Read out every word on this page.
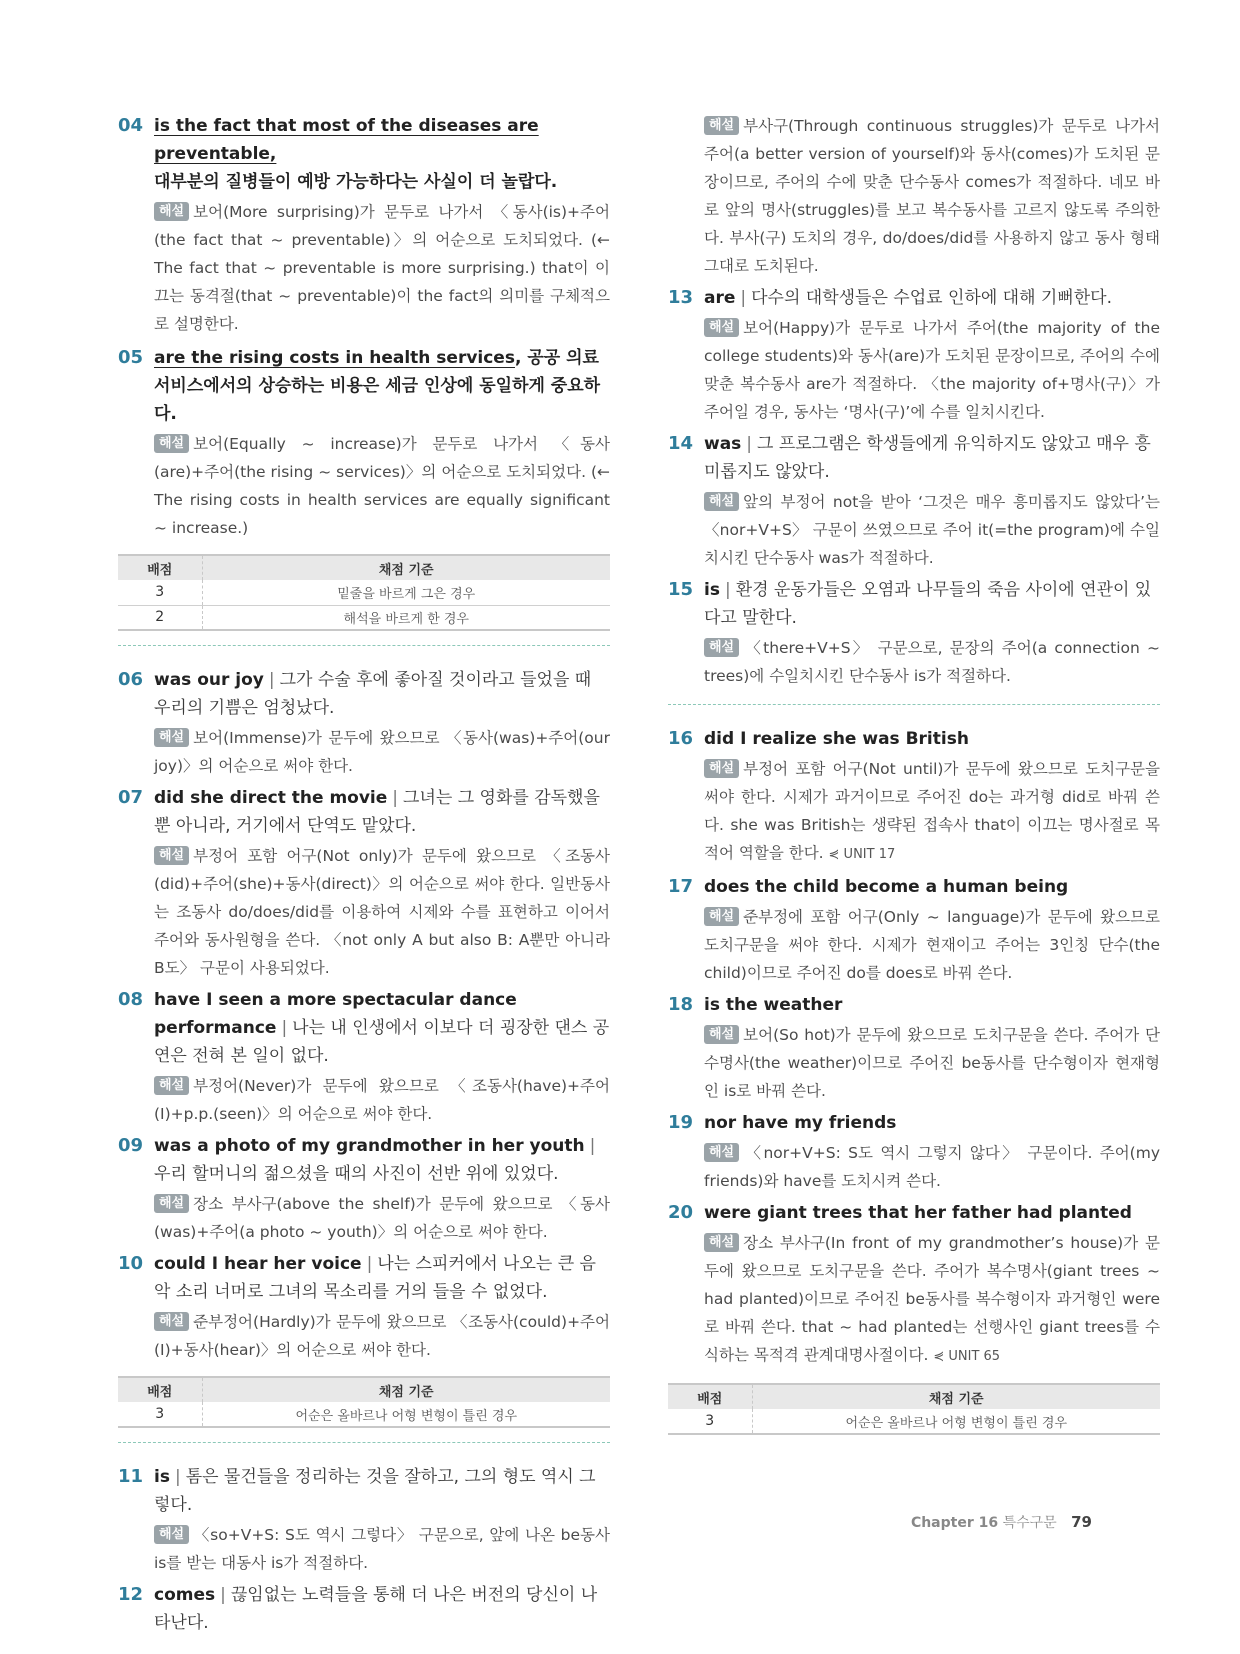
04 is the fact that most of the diseases are preventable,
대부분의 질병들이 예방 가능하다는 사실이 더 놀랍다.
해설 보어(More surprising)가 문두로 나가서 〈동사(is)+주어(the fact that ~ preventable)〉의 어순으로 도치되었다. (← The fact that ~ preventable is more surprising.) that이 이끄는 동격절(that ~ preventable)이 the fact의 의미를 구체적으로 설명한다.
05 are the rising costs in health services, 공공 의료 서비스에서의 상승하는 비용은 세금 인상에 동일하게 중요하다.
해설 보어(Equally ~ increase)가 문두로 나가서 〈동사(are)+주어(the rising ~ services)〉의 어순으로 도치되었다. (← The rising costs in health services are equally significant ~ increase.)
배점	채점 기준
3	밑줄을 바르게 그은 경우
2	해석을 바르게 한 경우
06 was our joy | 그가 수술 후에 좋아질 것이라고 들었을 때 우리의 기쁨은 엄청났다.
해설 보어(Immense)가 문두에 왔으므로 〈동사(was)+주어(our joy)〉의 어순으로 써야 한다.
07 did she direct the movie | 그녀는 그 영화를 감독했을 뿐 아니라, 거기에서 단역도 맡았다.
해설 부정어 포함 어구(Not only)가 문두에 왔으므로 〈조동사(did)+주어(she)+동사(direct)〉의 어순으로 써야 한다. 일반동사는 조동사 do/does/did를 이용하여 시제와 수를 표현하고 이어서 주어와 동사원형을 쓴다. 〈not only A but also B: A뿐만 아니라 B도〉 구문이 사용되었다.
08 have I seen a more spectacular dance performance | 나는 내 인생에서 이보다 더 굉장한 댄스 공연은 전혀 본 일이 없다.
해설 부정어(Never)가 문두에 왔으므로 〈조동사(have)+주어(I)+p.p.(seen)〉의 어순으로 써야 한다.
09 was a photo of my grandmother in her youth |우리 할머니의 젊으셨을 때의 사진이 선반 위에 있었다.
해설 장소 부사구(above the shelf)가 문두에 왔으므로 〈동사(was)+주어(a photo ~ youth)〉의 어순으로 써야 한다.
10 could I hear her voice | 나는 스피커에서 나오는 큰 음악 소리 너머로 그녀의 목소리를 거의 들을 수 없었다.
해설 준부정어(Hardly)가 문두에 왔으므로 〈조동사(could)+주어(I)+동사(hear)〉의 어순으로 써야 한다.
배점	채점 기준
3	어순은 올바르나 어형 변형이 틀린 경우
11 is | 톰은 물건들을 정리하는 것을 잘하고, 그의 형도 역시 그렇다.
해설 〈so+V+S: S도 역시 그렇다〉 구문으로, 앞에 나온 be동사 is를 받는 대동사 is가 적절하다.
12 comes | 끊임없는 노력들을 통해 더 나은 버전의 당신이 나타난다.
해설 부사구(Through continuous struggles)가 문두로 나가서 주어(a better version of yourself)와 동사(comes)가 도치된 문장이므로, 주어의 수에 맞춘 단수동사 comes가 적절하다. 네모 바로 앞의 명사(struggles)를 보고 복수동사를 고르지 않도록 주의한다. 부사(구) 도치의 경우, do/does/did를 사용하지 않고 동사 형태 그대로 도치된다.
13 are | 다수의 대학생들은 수업료 인하에 대해 기뻐한다.
해설 보어(Happy)가 문두로 나가서 주어(the majority of the college students)와 동사(are)가 도치된 문장이므로, 주어의 수에 맞춘 복수동사 are가 적절하다. 〈the majority of+명사(구)〉가 주어일 경우, 동사는 ‘명사(구)’에 수를 일치시킨다.
14 was | 그 프로그램은 학생들에게 유익하지도 않았고 매우 흥미롭지도 않았다.
해설 앞의 부정어 not을 받아 ‘그것은 매우 흥미롭지도 않았다’는 〈nor+V+S〉 구문이 쓰였으므로 주어 it(=the program)에 수일치시킨 단수동사 was가 적절하다.
15 is | 환경 운동가들은 오염과 나무들의 죽음 사이에 연관이 있다고 말한다.
해설 〈there+V+S〉 구문으로, 문장의 주어(a connection ~ trees)에 수일치시킨 단수동사 is가 적절하다.
16 did I realize she was British
해설 부정어 포함 어구(Not until)가 문두에 왔으므로 도치구문을 써야 한다. 시제가 과거이므로 주어진 do는 과거형 did로 바꿔 쓴다. she was British는 생략된 접속사 that이 이끄는 명사절로 목적어 역할을 한다. ⋞ UNIT 17
17 does the child become a human being
해설 준부정에 포함 어구(Only ~ language)가 문두에 왔으므로 도치구문을 써야 한다. 시제가 현재이고 주어는 3인칭 단수(the child)이므로 주어진 do를 does로 바꿔 쓴다.
18 is the weather
해설 보어(So hot)가 문두에 왔으므로 도치구문을 쓴다. 주어가 단수명사(the weather)이므로 주어진 be동사를 단수형이자 현재형인 is로 바꿔 쓴다.
19 nor have my friends
해설 〈nor+V+S: S도 역시 그렇지 않다〉 구문이다. 주어(my friends)와 have를 도치시켜 쓴다.
20 were giant trees that her father had planted
해설 장소 부사구(In front of my grandmother’s house)가 문두에 왔으므로 도치구문을 쓴다. 주어가 복수명사(giant trees ~ had planted)이므로 주어진 be동사를 복수형이자 과거형인 were로 바꿔 쓴다. that ~ had planted는 선행사인 giant trees를 수식하는 목적격 관계대명사절이다. ⋞ UNIT 65
배점	채점 기준
3	어순은 올바르나 어형 변형이 틀린 경우
Chapter 16 특수구문 79
